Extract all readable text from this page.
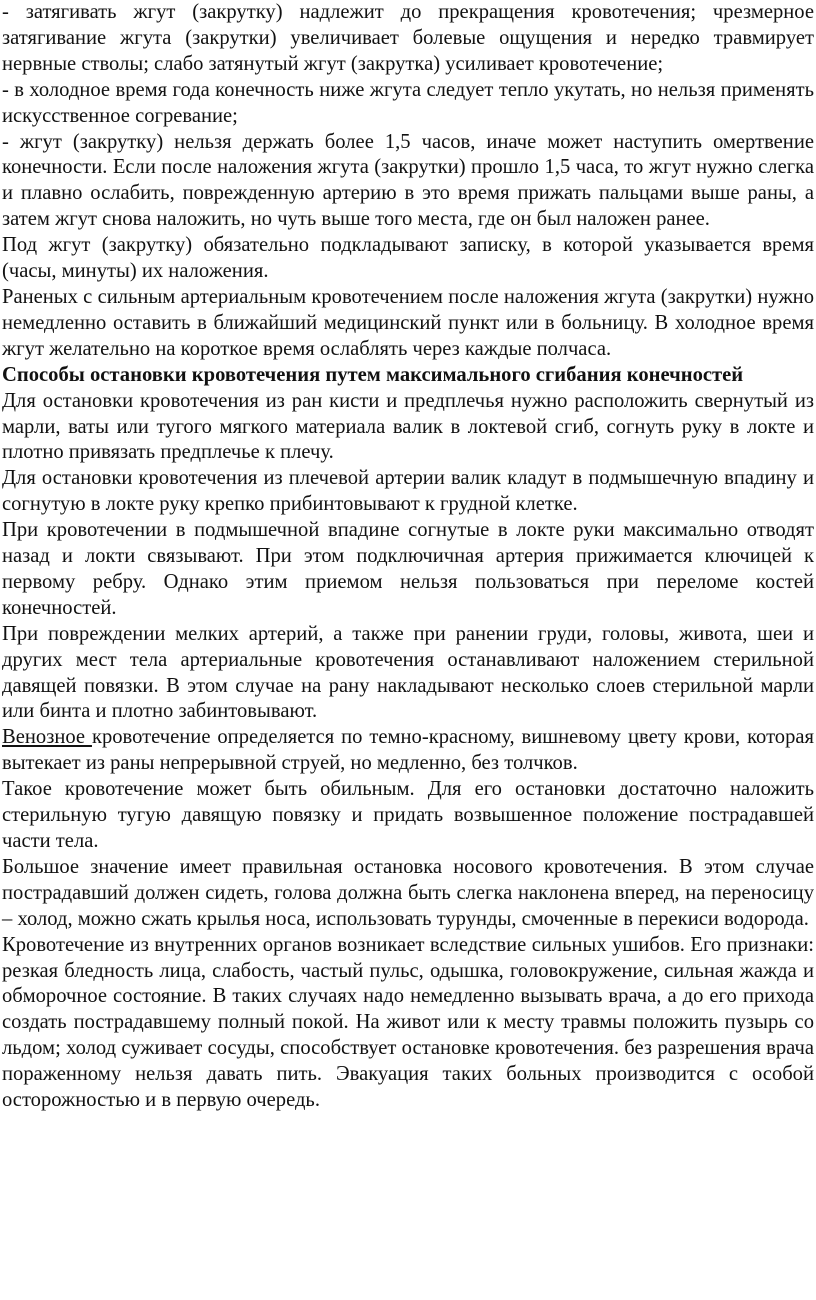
- затягивать жгут (закрутку) надлежит до прекращения кровотечения; чрезмерное затягивание жгута (закрутки) увеличивает болевые ощущения и нередко травмирует нервные стволы; слабо затянутый жгут (закрутка) усиливает кровотечение;

- в холодное время года конечность ниже жгута следует тепло укутать, но нельзя применять искусственное согревание;

- жгут (закрутку) нельзя держать более 1,5 часов, иначе может наступить омертвение конечности. Если после наложения жгута (закрутки) прошло 1,5 часа, то жгут нужно слегка и плавно ослабить, поврежденную артерию в это время прижать пальцами выше раны, а затем жгут снова наложить, но чуть выше того места, где он был наложен ранее.

Под жгут (закрутку) обязательно подкладывают записку, в которой указывается время (часы, минуты) их наложения.

Раненых с сильным артериальным кровотечением после наложения жгута (закрутки) нужно немедленно оставить в ближайший медицинский пункт или в больницу. В холодное время жгут желательно на короткое время ослаблять через каждые полчаса.

Способы остановки кровотечения путем максимального сгибания конечностей

Для остановки кровотечения из ран кисти и предплечья нужно расположить свернутый из марли, ваты или тугого мягкого материала валик в локтевой сгиб, согнуть руку в локте и плотно привязать предплечье к плечу.

Для остановки кровотечения из плечевой артерии валик кладут в подмышечную впадину и согнутую в локте руку крепко прибинтовывают к грудной клетке.

При кровотечении в подмышечной впадине согнутые в локте руки максимально отводят назад и локти связывают. При этом подключичная артерия прижимается ключицей к первому ребру. Однако этим приемом нельзя пользоваться при переломе костей конечностей.

При повреждении мелких артерий, а также при ранении груди, головы, живота, шеи и других мест тела артериальные кровотечения останавливают наложением стерильной давящей повязки. В этом случае на рану накладывают несколько слоев стерильной марли или бинта и плотно забинтовывают.

Венозное кровотечение определяется по темно-красному, вишневому цвету крови, которая вытекает из раны непрерывной струей, но медленно, без толчков.

Такое кровотечение может быть обильным. Для его остановки достаточно наложить стерильную тугую давящую повязку и придать возвышенное положение пострадавшей части тела.

Большое значение имеет правильная остановка носового кровотечения. В этом случае пострадавший должен сидеть, голова должна быть слегка наклонена вперед, на переносицу – холод, можно сжать крылья носа, использовать турунды, смоченные в перекиси водорода.

Кровотечение из внутренних органов возникает вследствие сильных ушибов. Его признаки: резкая бледность лица, слабость, частый пульс, одышка, головокружение, сильная жажда и обморочное состояние. В таких случаях надо немедленно вызывать врача, а до его прихода создать пострадавшему полный покой. На живот или к месту травмы положить пузырь со льдом; холод суживает сосуды, способствует остановке кровотечения. без разрешения врача пораженному нельзя давать пить. Эвакуация таких больных производится с особой осторожностью и в первую очередь.
